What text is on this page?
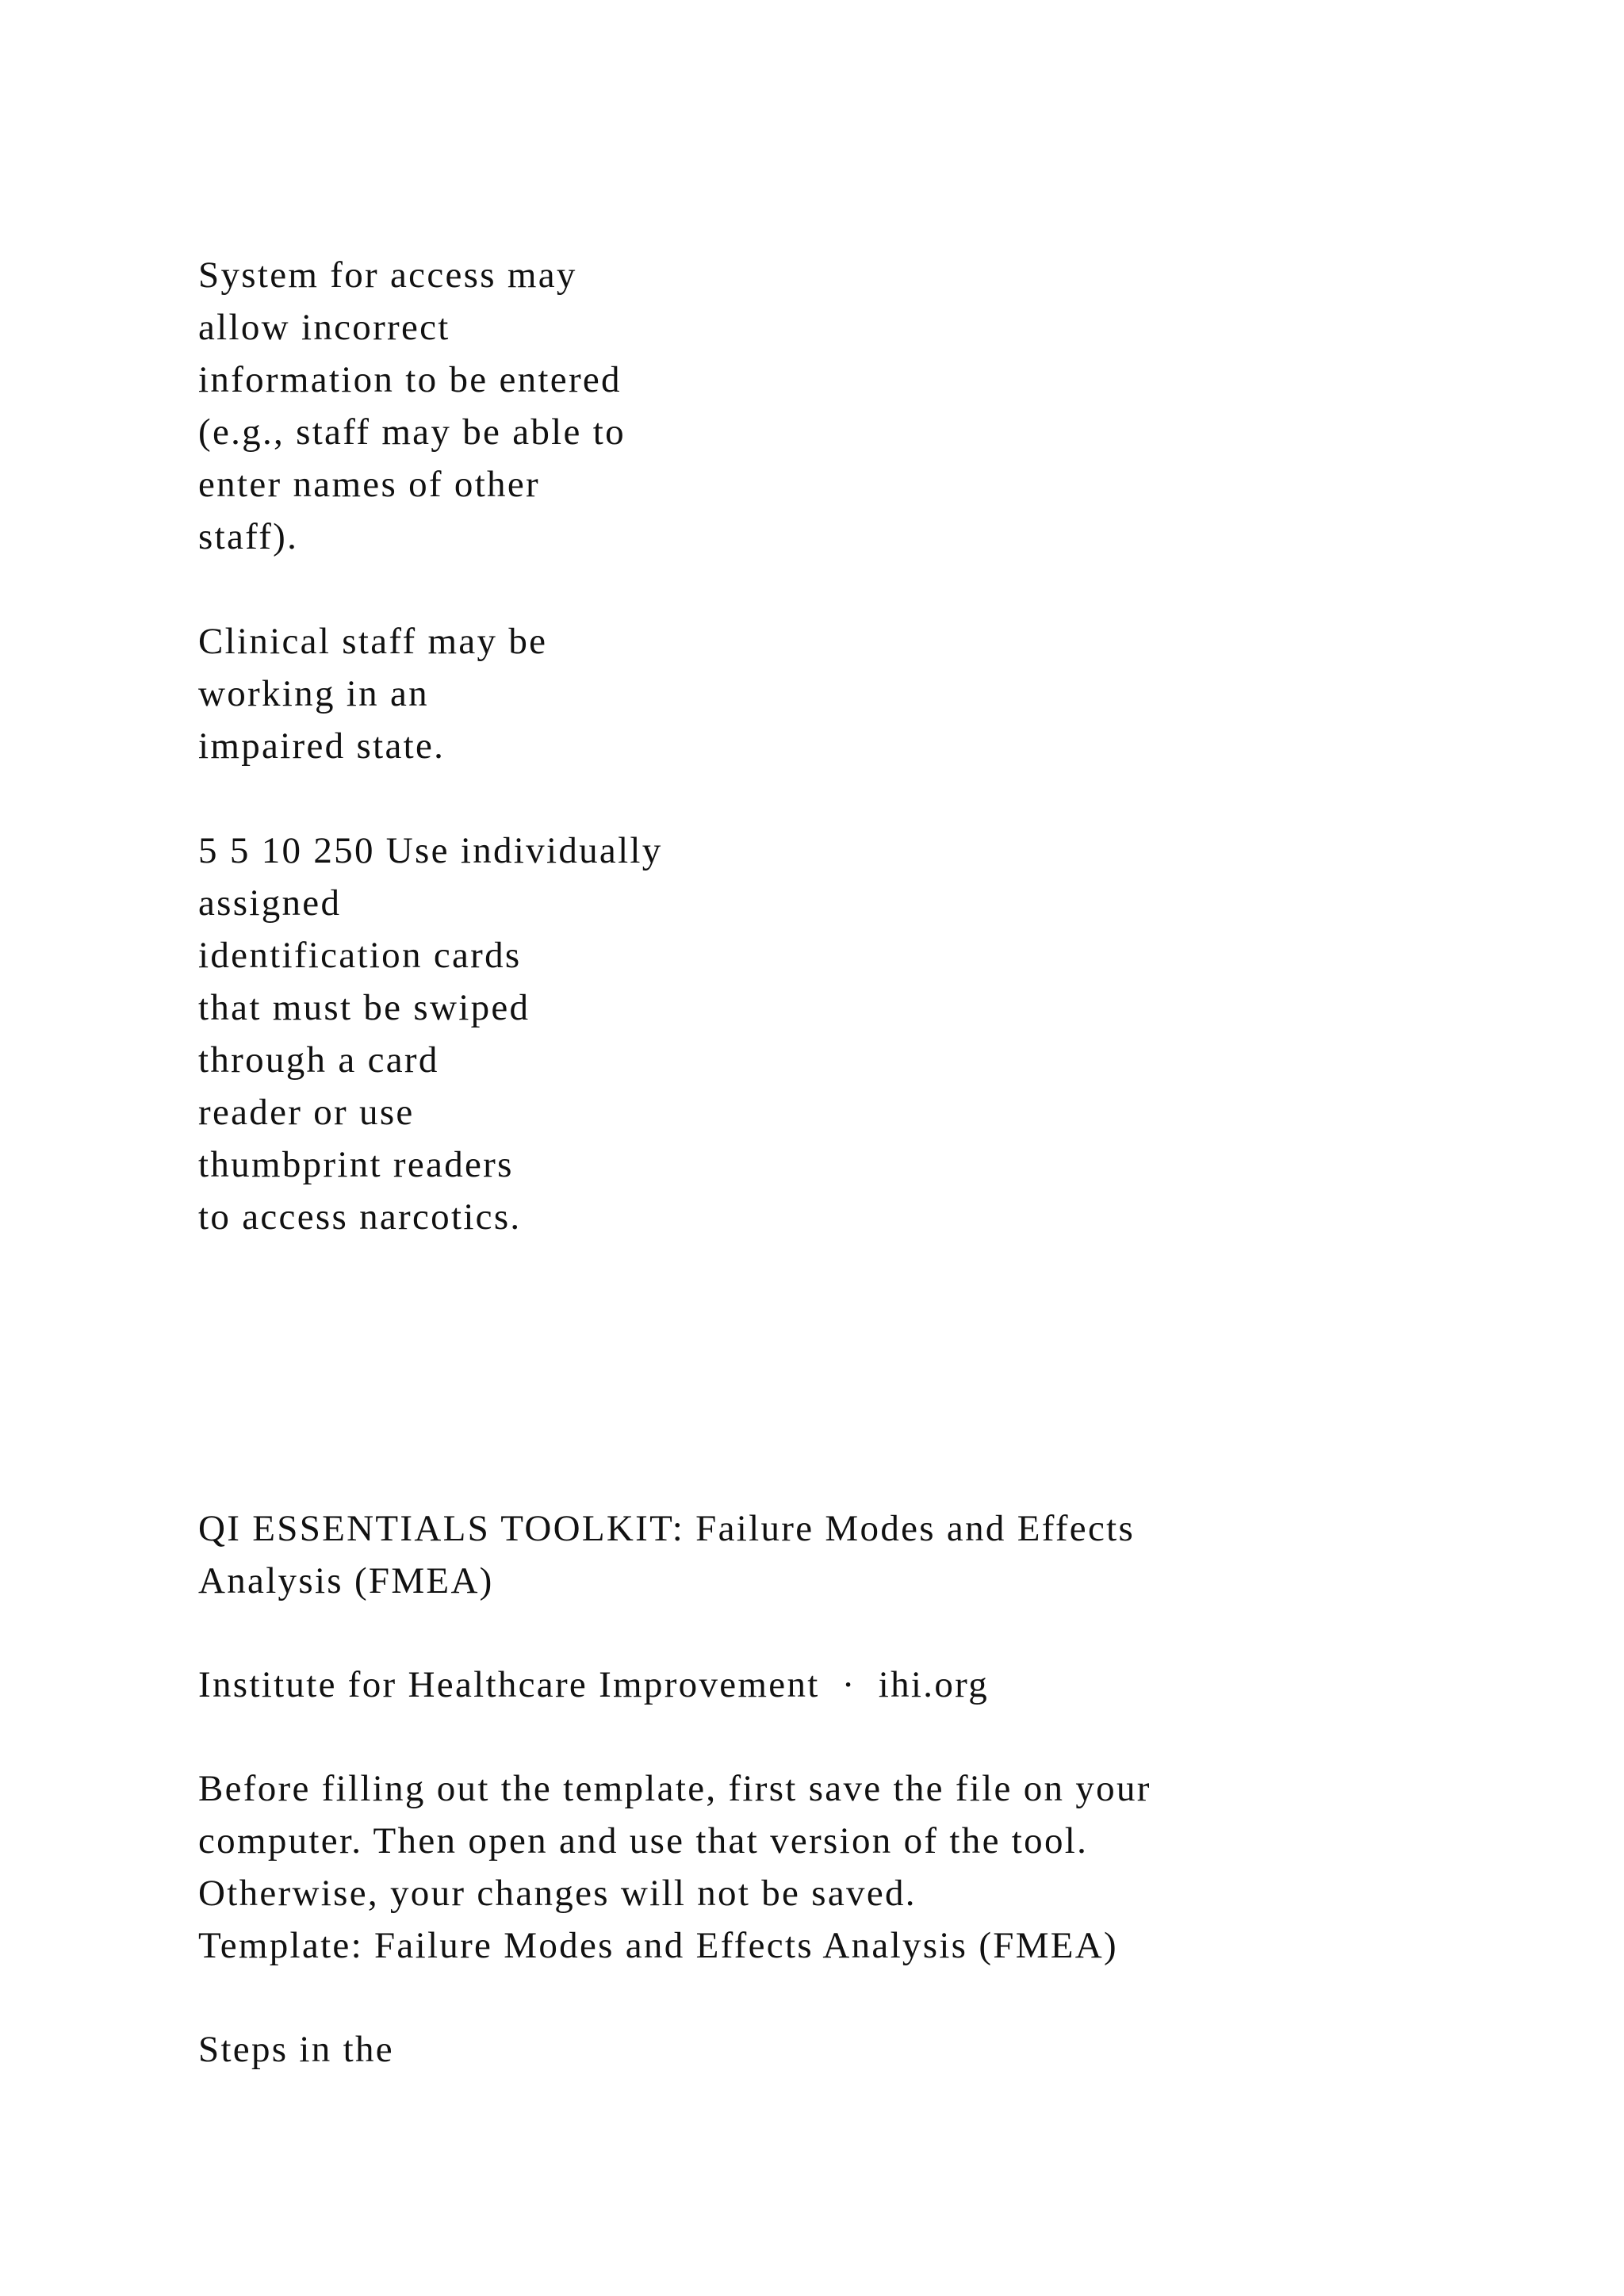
System for access may
allow incorrect
information to be entered
(e.g., staff may be able to
enter names of other
staff).

Clinical staff may be
working in an
impaired state.

5 5 10 250 Use individually
assigned
identification cards
that must be swiped
through a card
reader or use
thumbprint readers
to access narcotics.

QI ESSENTIALS TOOLKIT: Failure Modes and Effects
Analysis (FMEA)

Institute for Healthcare Improvement  ·  ihi.org

Before filling out the template, first save the file on your
computer. Then open and use that version of the tool.
Otherwise, your changes will not be saved.
Template: Failure Modes and Effects Analysis (FMEA)

Steps in the
